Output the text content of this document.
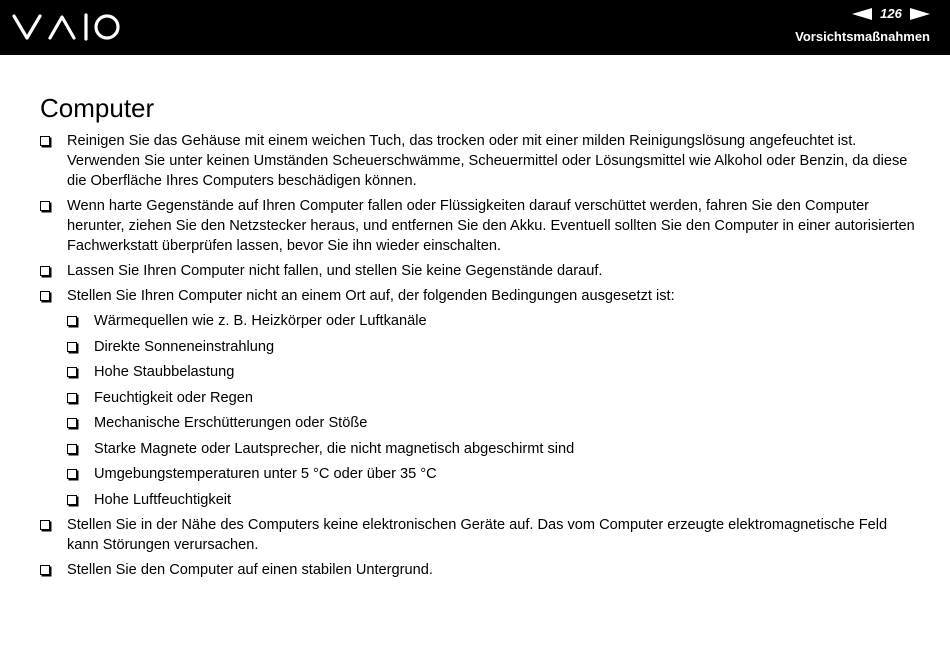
126
Vorsichtsmaßnahmen
Computer
Reinigen Sie das Gehäuse mit einem weichen Tuch, das trocken oder mit einer milden Reinigungslösung angefeuchtet ist. Verwenden Sie unter keinen Umständen Scheuerschwämme, Scheuermittel oder Lösungsmittel wie Alkohol oder Benzin, da diese die Oberfläche Ihres Computers beschädigen können.
Wenn harte Gegenstände auf Ihren Computer fallen oder Flüssigkeiten darauf verschüttet werden, fahren Sie den Computer herunter, ziehen Sie den Netzstecker heraus, und entfernen Sie den Akku. Eventuell sollten Sie den Computer in einer autorisierten Fachwerkstatt überprüfen lassen, bevor Sie ihn wieder einschalten.
Lassen Sie Ihren Computer nicht fallen, und stellen Sie keine Gegenstände darauf.
Stellen Sie Ihren Computer nicht an einem Ort auf, der folgenden Bedingungen ausgesetzt ist:
Wärmequellen wie z. B. Heizkörper oder Luftkanäle
Direkte Sonneneinstrahlung
Hohe Staubbelastung
Feuchtigkeit oder Regen
Mechanische Erschütterungen oder Stöße
Starke Magnete oder Lautsprecher, die nicht magnetisch abgeschirmt sind
Umgebungstemperaturen unter 5 °C oder über 35 °C
Hohe Luftfeuchtigkeit
Stellen Sie in der Nähe des Computers keine elektronischen Geräte auf. Das vom Computer erzeugte elektromagnetische Feld kann Störungen verursachen.
Stellen Sie den Computer auf einen stabilen Untergrund.
